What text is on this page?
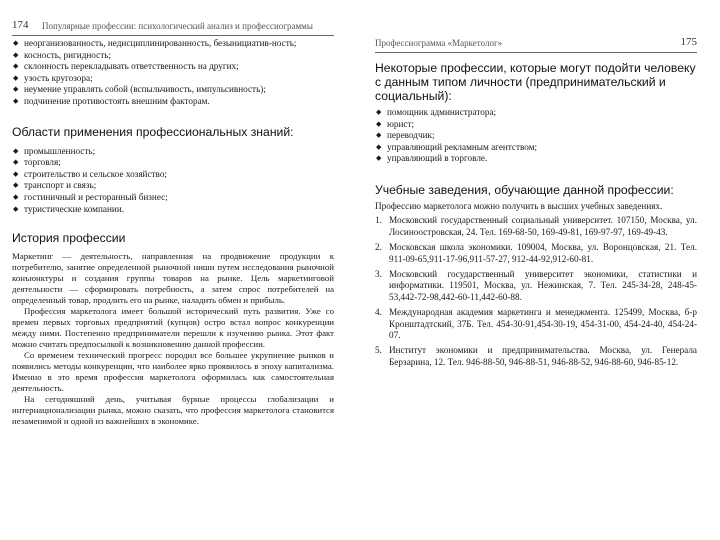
174 Популярные профессии: психологический анализ и профессиограммы
◆ неорганизованность, недисциплинированность, безынициатив-ность;
◆ косность, ригидность;
◆ склонность перекладывать ответственность на других;
◆ узость кругозора;
◆ неумение управлять собой (вспыльчивость, импульсивность);
◆ подчинение противостоять внешним факторам.
Области применения профессиональных знаний:
◆ промышленность;
◆ торговля;
◆ строительство и сельское хозяйство;
◆ транспорт и связь;
◆ гостиничный и ресторанный бизнес;
◆ туристические компании.
История профессии

Маркетинг — деятельность, направленная на продвижение продукции к потребителю, занятие определенной рыночной ниши путем исследования рыночной конъюнктуры и создания группы товаров на рынке. Цель маркетинговой деятельности — сформировать потребность, а затем спрос потребителей на определенный товар, продлить его на рынке, наладить обмен и прибыль.

Профессия маркетолога имеет большой исторический путь развития. Уже со времен первых торговых предприятий (купцов) остро встал вопрос конкуренции между ними. Постепенно предприниматели перешли к изучению рынка. Этот факт можно считать предпосылкой к возникновению данной профессии.

Со временем технический прогресс породил все большее укрупнение рынков и появились методы конкуренции, что наиболее ярко проявилось в эпоху капитализма. Именно в это время профессия маркетолога оформилась как самостоятельная деятельность.

На сегодняшний день, учитывая бурные процессы глобализации и интернационализации рынка, можно сказать, что профессия маркетолога становится незаменимой и одной из важнейших в экономике.

Профессиограмма «Маркетолог»	175
Некоторые профессии, которые могут подойти человеку с данным типом личности (предпринимательский и социальный):
◆ помощник администратора;
◆ юрист;
◆ переводчик;
◆ управляющий рекламным агентством;
◆ управляющий в торговле.
Учебные заведения, обучающие данной профессии:

Профессию маркетолога можно получить в высших учебных заведениях.

1. Московский государственный социальный университет. 107150, Москва, ул. Лосиноостровская, 24. Тел. 169-68-50, 169-49-81, 169-97-97, 169-49-43.
2. Московская школа экономики. 109004, Москва, ул. Воронцовская, 21. Тел. 911-09-65,911-17-96,911-57-27, 912-44-92,912-60-81.
3. Московский государственный университет экономики, статистики и информатики. 119501, Москва, ул. Нежинская, 7. Тел. 245-34-28, 248-45-53,442-72-98,442-60-11,442-60-88.
4. Международная академия маркетинга и менеджмента. 125499, Москва, б-р Кронштадтский, 37Б. Тел. 454-30-91,454-30-19, 454-31-00, 454-24-40, 454-24-07.
5. Институт экономики и предпринимательства. Москва, ул. Генерала Берзарина, 12. Тел. 946-88-50, 946-88-51, 946-88-52, 946-88-60, 946-85-12.
